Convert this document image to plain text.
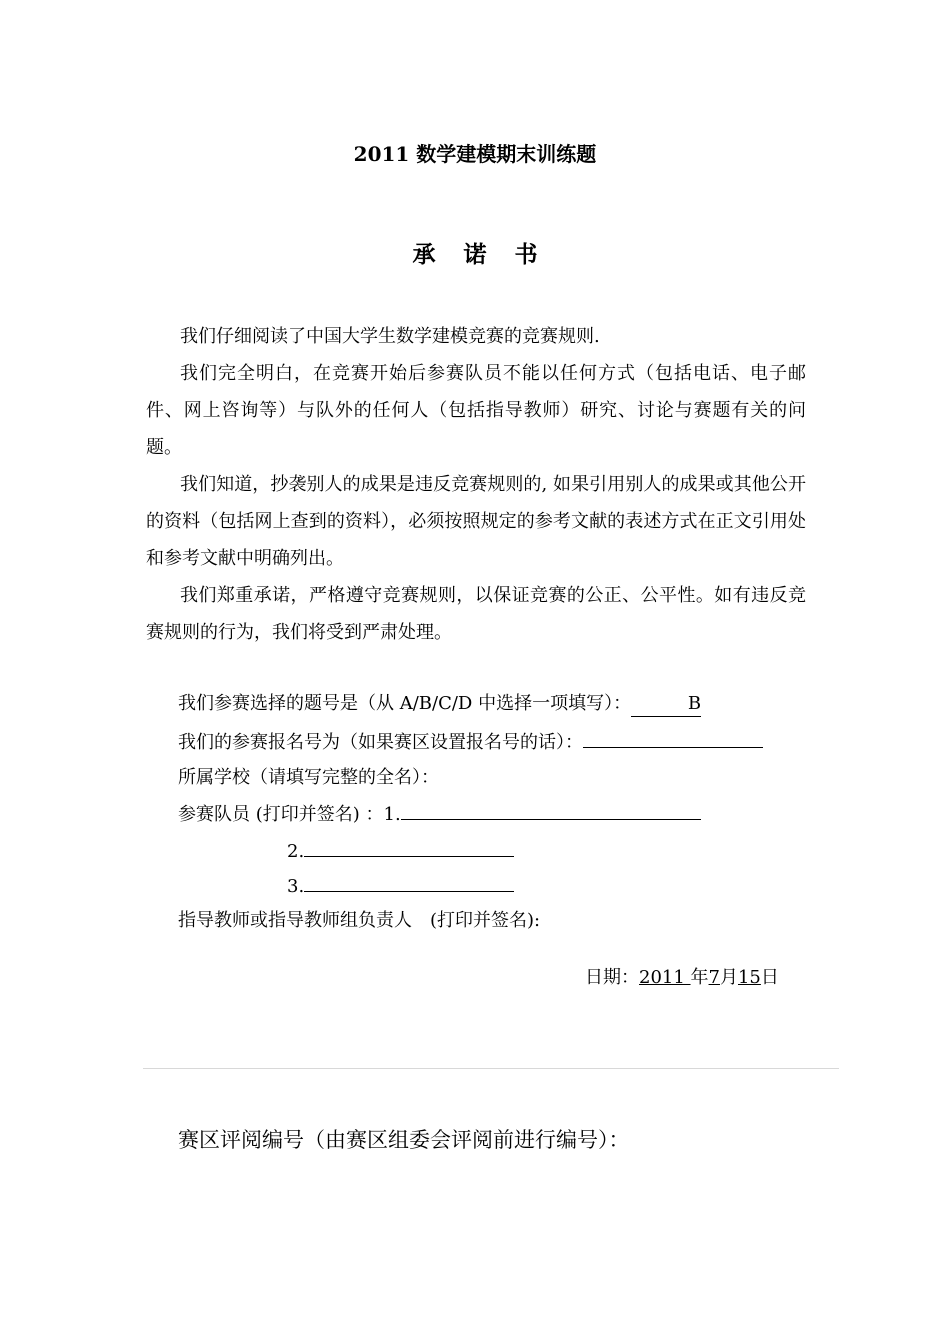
2011 数学建模期末训练题
承诺书
我们仔细阅读了中国大学生数学建模竞赛的竞赛规则.
我们完全明白，在竞赛开始后参赛队员不能以任何方式（包括电话、电子邮件、网上咨询等）与队外的任何人（包括指导教师）研究、讨论与赛题有关的问题。
我们知道，抄袭别人的成果是违反竞赛规则的, 如果引用别人的成果或其他公开的资料（包括网上查到的资料），必须按照规定的参考文献的表述方式在正文引用处和参考文献中明确列出。
我们郑重承诺，严格遵守竞赛规则，以保证竞赛的公正、公平性。如有违反竞赛规则的行为，我们将受到严肃处理。
我们参赛选择的题号是（从 A/B/C/D 中选择一项填写）：	B
我们的参赛报名号为（如果赛区设置报名号的话）：
所属学校（请填写完整的全名）：
参赛队员 (打印并签名) ：1.
2.
3.
指导教师或指导教师组负责人　(打印并签名):
日期：2011 年7月15日
赛区评阅编号（由赛区组委会评阅前进行编号）：
